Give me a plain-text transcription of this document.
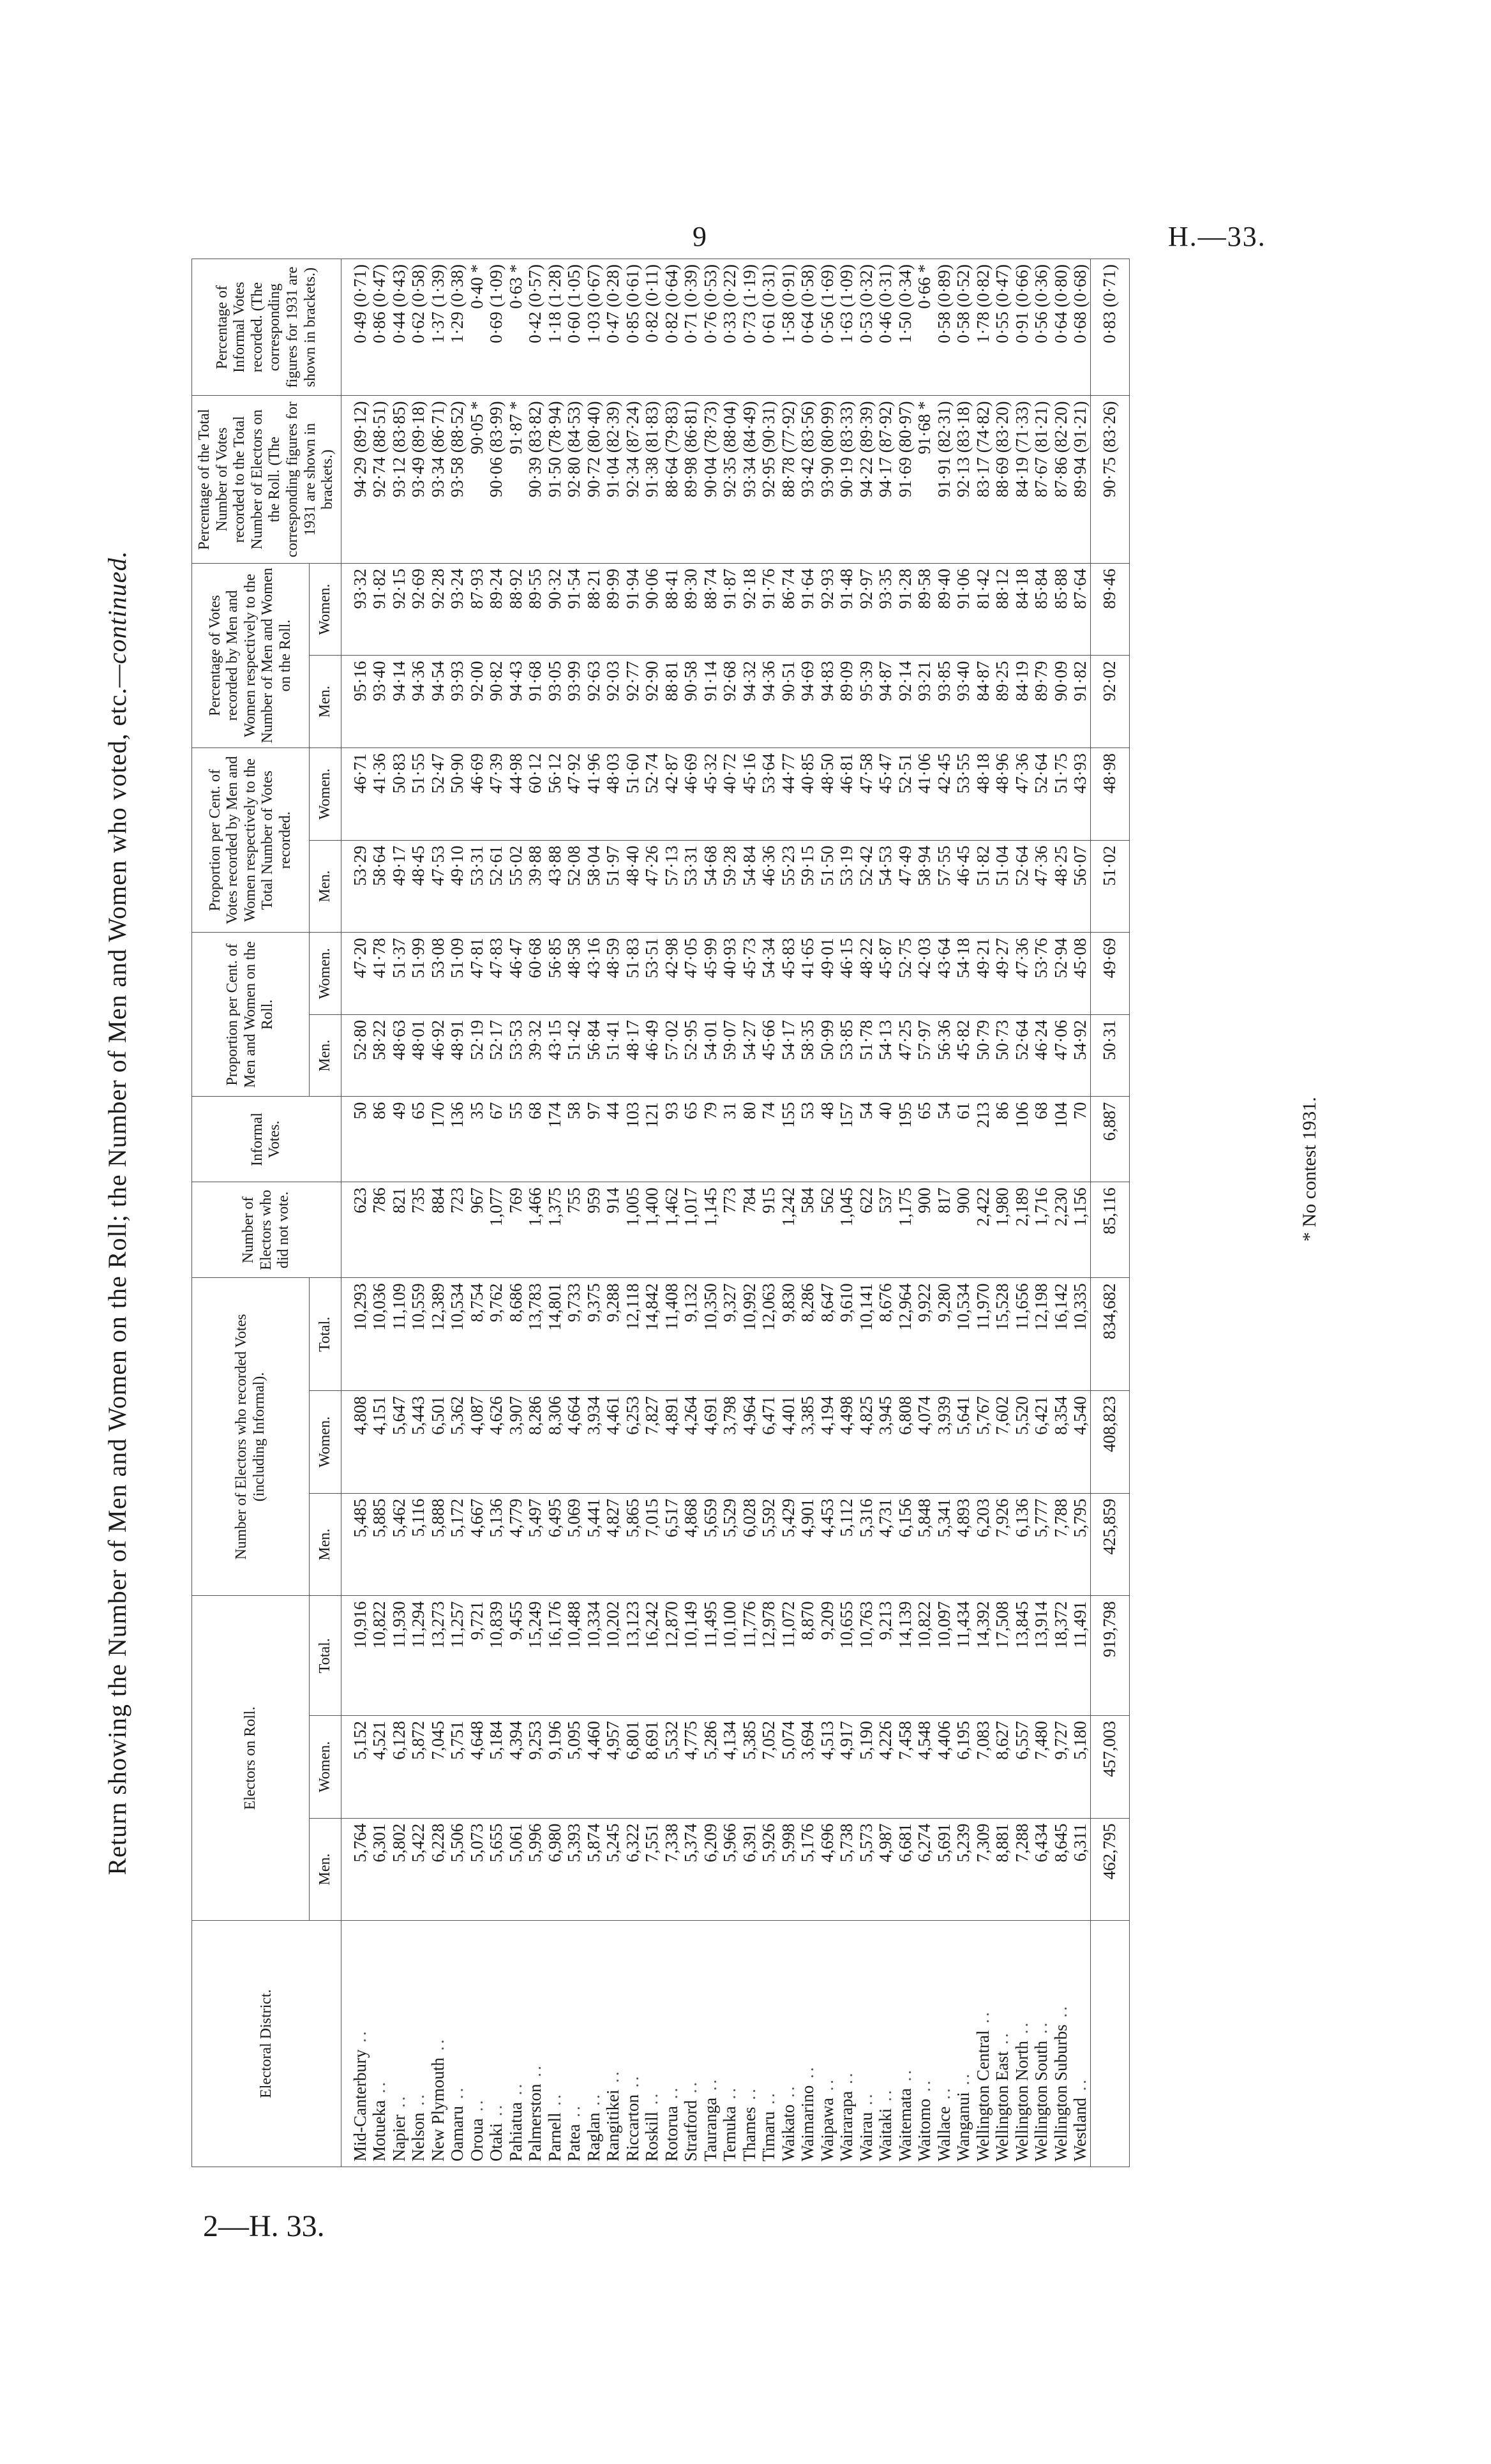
9	H.—33.
* No contest 1931.
2—H. 33.
Return showing the Number of Men and Women on the Roll; the Number of Men and Women who voted, etc.—continued.
Electoral District.	Electors on Roll.			Number of Electors who recorded Votes (including Informal).			Number of Electors who did not vote.	Informal Votes.	Proportion per Cent. of Men and Women on the Roll.		Proportion per Cent. of Votes recorded by Men and Women respectively to the Total Number of Votes recorded.		Percentage of Votes recorded by Men and Women respectively to the Number of Men and Women on the Roll.		Percentage of the Total Number of Votes recorded to the Total Number of Electors on the Roll. (The corresponding figures for 1931 are shown in brackets.)	Percentage of Informal Votes recorded. (The corresponding figures for 1931 are shown in brackets.)
	Men.	Women.	Total.	Men.	Women.	Total.			Men.	Women.	Men.	Women.	Men.	Women.		
Mid-Canterbury ..	5,764	5,152	10,916	5,485	4,808	10,293	623	50	52·80	47·20	53·29	46·71	95·16	93·32	94·29 (89·12)	0·49 (0·71)
Motueka ..	6,301	4,521	10,822	5,885	4,151	10,036	786	86	58·22	41·78	58·64	41·36	93·40	91·82	92·74 (88·51)	0·86 (0·47)
Napier ..	5,802	6,128	11,930	5,462	5,647	11,109	821	49	48·63	51·37	49·17	50·83	94·14	92·15	93·12 (83·85)	0·44 (0·43)
Nelson ..	5,422	5,872	11,294	5,116	5,443	10,559	735	65	48·01	51·99	48·45	51·55	94·36	92·69	93·49 (89·18)	0·62 (0·58)
New Plymouth ..	6,228	7,045	13,273	5,888	6,501	12,389	884	170	46·92	53·08	47·53	52·47	94·54	92·28	93·34 (86·71)	1·37 (1·39)
Oamaru ..	5,506	5,751	11,257	5,172	5,362	10,534	723	136	48·91	51·09	49·10	50·90	93·93	93·24	93·58 (88·52)	1·29 (0·38)
Oroua ..	5,073	4,648	9,721	4,667	4,087	8,754	967	35	52·19	47·81	53·31	46·69	92·00	87·93	90·05 *	0·40 *
Otaki ..	5,655	5,184	10,839	5,136	4,626	9,762	1,077	67	52·17	47·83	52·61	47·39	90·82	89·24	90·06 (83·99)	0·69 (1·09)
Pahiatua ..	5,061	4,394	9,455	4,779	3,907	8,686	769	55	53·53	46·47	55·02	44·98	94·43	88·92	91·87 *	0·63 *
Palmerston ..	5,996	9,253	15,249	5,497	8,286	13,783	1,466	68	39·32	60·68	39·88	60·12	91·68	89·55	90·39 (83·82)	0·42 (0·57)
Parnell ..	6,980	9,196	16,176	6,495	8,306	14,801	1,375	174	43·15	56·85	43·88	56·12	93·05	90·32	91·50 (78·94)	1·18 (1·28)
Patea ..	5,393	5,095	10,488	5,069	4,664	9,733	755	58	51·42	48·58	52·08	47·92	93·99	91·54	92·80 (84·53)	0·60 (1·05)
Raglan ..	5,874	4,460	10,334	5,441	3,934	9,375	959	97	56·84	43·16	58·04	41·96	92·63	88·21	90·72 (80·40)	1·03 (0·67)
Rangitikei ..	5,245	4,957	10,202	4,827	4,461	9,288	914	44	51·41	48·59	51·97	48·03	92·03	89·99	91·04 (82·39)	0·47 (0·28)
Riccarton ..	6,322	6,801	13,123	5,865	6,253	12,118	1,005	103	48·17	51·83	48·40	51·60	92·77	91·94	92·34 (87·24)	0·85 (0·61)
Roskill ..	7,551	8,691	16,242	7,015	7,827	14,842	1,400	121	46·49	53·51	47·26	52·74	92·90	90·06	91·38 (81·83)	0·82 (0·11)
Rotorua ..	7,338	5,532	12,870	6,517	4,891	11,408	1,462	93	57·02	42·98	57·13	42·87	88·81	88·41	88·64 (79·83)	0·82 (0·64)
Stratford ..	5,374	4,775	10,149	4,868	4,264	9,132	1,017	65	52·95	47·05	53·31	46·69	90·58	89·30	89·98 (86·81)	0·71 (0·39)
Tauranga ..	6,209	5,286	11,495	5,659	4,691	10,350	1,145	79	54·01	45·99	54·68	45·32	91·14	88·74	90·04 (78·73)	0·76 (0·53)
Temuka ..	5,966	4,134	10,100	5,529	3,798	9,327	773	31	59·07	40·93	59·28	40·72	92·68	91·87	92·35 (88·04)	0·33 (0·22)
Thames ..	6,391	5,385	11,776	6,028	4,964	10,992	784	80	54·27	45·73	54·84	45·16	94·32	92·18	93·34 (84·49)	0·73 (1·19)
Timaru ..	5,926	7,052	12,978	5,592	6,471	12,063	915	74	45·66	54·34	46·36	53·64	94·36	91·76	92·95 (90·31)	0·61 (0·31)
Waikato ..	5,998	5,074	11,072	5,429	4,401	9,830	1,242	155	54·17	45·83	55·23	44·77	90·51	86·74	88·78 (77·92)	1·58 (0·91)
Waimarino ..	5,176	3,694	8,870	4,901	3,385	8,286	584	53	58·35	41·65	59·15	40·85	94·69	91·64	93·42 (83·56)	0·64 (0·58)
Waipawa ..	4,696	4,513	9,209	4,453	4,194	8,647	562	48	50·99	49·01	51·50	48·50	94·83	92·93	93·90 (80·99)	0·56 (1·69)
Wairarapa ..	5,738	4,917	10,655	5,112	4,498	9,610	1,045	157	53·85	46·15	53·19	46·81	89·09	91·48	90·19 (83·33)	1·63 (1·09)
Wairau ..	5,573	5,190	10,763	5,316	4,825	10,141	622	54	51·78	48·22	52·42	47·58	95·39	92·97	94·22 (89·39)	0·53 (0·32)
Waitaki ..	4,987	4,226	9,213	4,731	3,945	8,676	537	40	54·13	45·87	54·53	45·47	94·87	93·35	94·17 (87·92)	0·46 (0·31)
Waitemata ..	6,681	7,458	14,139	6,156	6,808	12,964	1,175	195	47·25	52·75	47·49	52·51	92·14	91·28	91·69 (80·97)	1·50 (0·34)
Waitomo ..	6,274	4,548	10,822	5,848	4,074	9,922	900	65	57·97	42·03	58·94	41·06	93·21	89·58	91·68 *	0·66 *
Wallace ..	5,691	4,406	10,097	5,341	3,939	9,280	817	54	56·36	43·64	57·55	42·45	93·85	89·40	91·91 (82·31)	0·58 (0·89)
Wanganui ..	5,239	6,195	11,434	4,893	5,641	10,534	900	61	45·82	54·18	46·45	53·55	93·40	91·06	92·13 (83·18)	0·58 (0·52)
Wellington Central ..	7,309	7,083	14,392	6,203	5,767	11,970	2,422	213	50·79	49·21	51·82	48·18	84·87	81·42	83·17 (74·82)	1·78 (0·82)
Wellington East ..	8,881	8,627	17,508	7,926	7,602	15,528	1,980	86	50·73	49·27	51·04	48·96	89·25	88·12	88·69 (83·20)	0·55 (0·47)
Wellington North ..	7,288	6,557	13,845	6,136	5,520	11,656	2,189	106	52·64	47·36	52·64	47·36	84·19	84·18	84·19 (71·33)	0·91 (0·66)
Wellington South ..	6,434	7,480	13,914	5,777	6,421	12,198	1,716	68	46·24	53·76	47·36	52·64	89·79	85·84	87·67 (81·21)	0·56 (0·36)
Wellington Suburbs ..	8,645	9,727	18,372	7,788	8,354	16,142	2,230	104	47·06	52·94	48·25	51·75	90·09	85·88	87·86 (82·20)	0·64 (0·80)
Westland ..	6,311	5,180	11,491	5,795	4,540	10,335	1,156	70	54·92	45·08	56·07	43·93	91·82	87·64	89·94 (91·21)	0·68 (0·68)
	462,795	457,003	919,798	425,859	408,823	834,682	85,116	6,887	50·31	49·69	51·02	48·98	92·02	89·46	90·75 (83·26)	0·83 (0·71)
